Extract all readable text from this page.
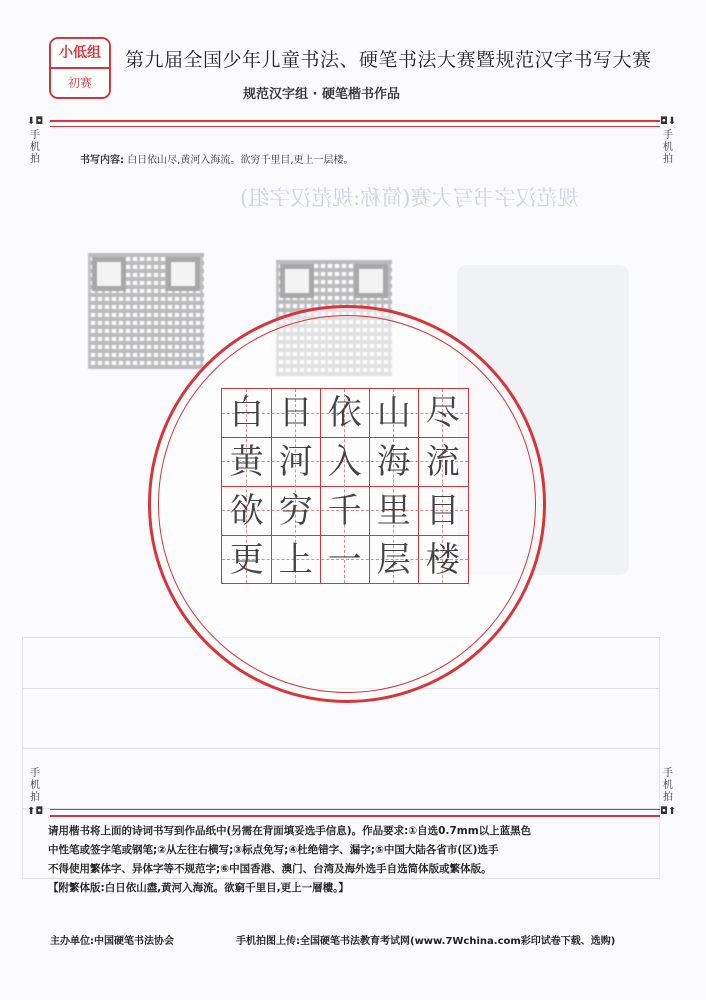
小低组
初赛
第九届全国少年儿童书法、硬笔书法大赛暨规范汉字书写大赛
规范汉字组 · 硬笔楷书作品
⬇◘
手机拍
◘⬇
手机拍
书写内容: 白日依山尽,黄河入海流。欲穷千里目,更上一层楼。
规范汉字书写大赛(简称:规范汉字组)
白 日 依 山 尽
黄 河 入 海 流
欲 穷 千 里 目
更 上 一 层 楼
手机拍
⬆◘
手机拍
◘⬆
请用楷书将上面的诗词书写到作品纸中(另需在背面填妥选手信息)。作品要求:①自选0.7mm以上蓝黑色
中性笔或签字笔或钢笔;②从左往右横写;③标点免写;④杜绝错字、漏字;⑤中国大陆各省市(区)选手
不得使用繁体字、异体字等不规范字;⑥中国香港、澳门、台湾及海外选手自选简体版或繁体版。
【附繁体版:白日依山盡,黄河入海流。欲窮千里目,更上一層樓。】
主办单位:中国硬笔书法协会	手机拍图上传:全国硬笔书法教育考试网(www.7Wchina.com彩印试卷下载、选购)
